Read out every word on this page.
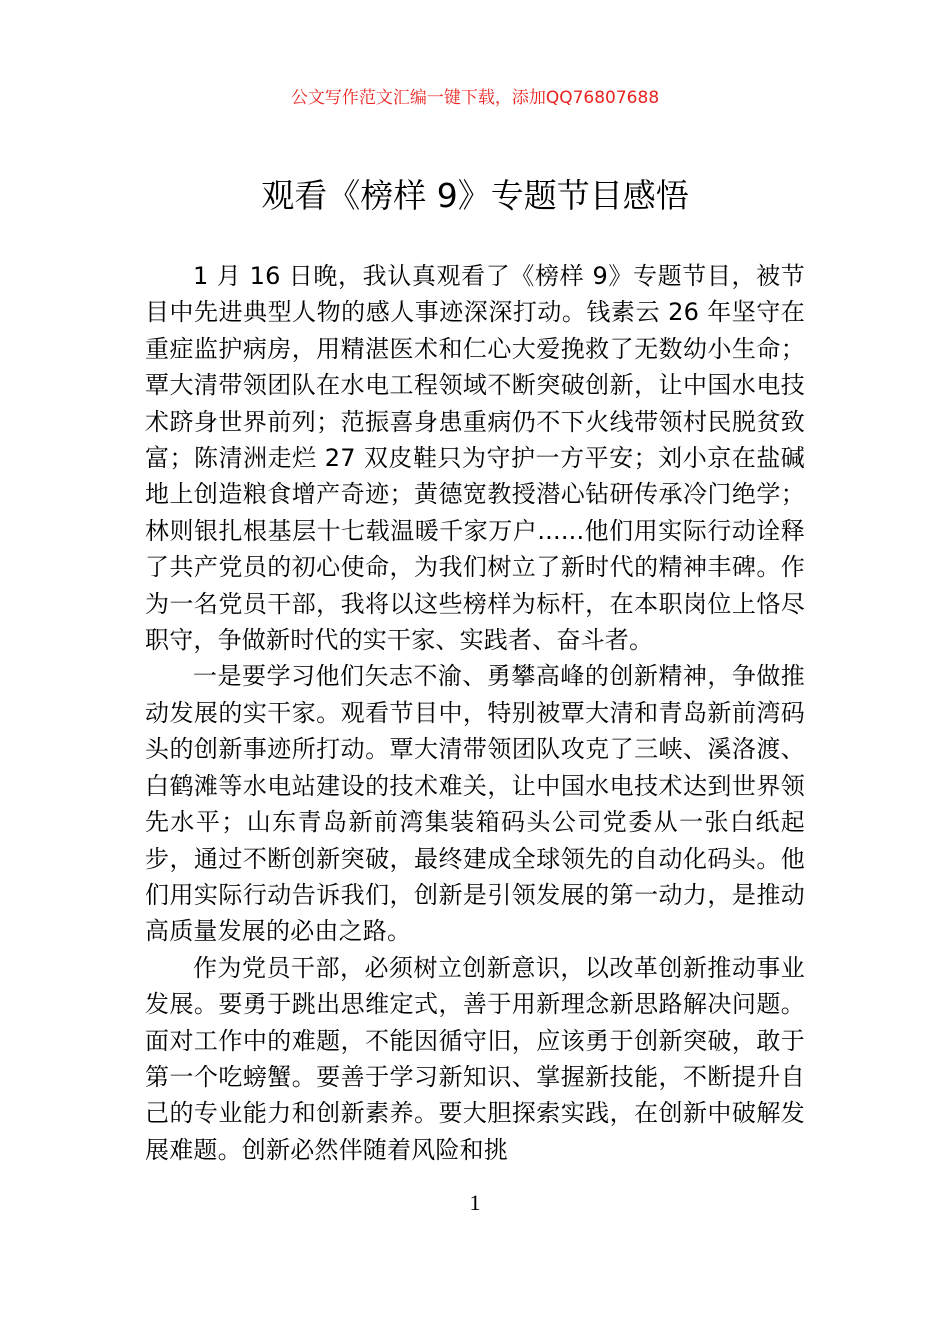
公文写作范文汇编一键下载，添加QQ76807688
观看《榜样 9》专题节目感悟

1 月 16 日晚，我认真观看了《榜样 9》专题节目，被节目中先进典型人物的感人事迹深深打动。钱素云 26 年坚守在重症监护病房，用精湛医术和仁心大爱挽救了无数幼小生命；覃大清带领团队在水电工程领域不断突破创新，让中国水电技术跻身世界前列；范振喜身患重病仍不下火线带领村民脱贫致富；陈清洲走烂 27 双皮鞋只为守护一方平安；刘小京在盐碱地上创造粮食增产奇迹；黄德宽教授潜心钻研传承冷门绝学；林则银扎根基层十七载温暖千家万户......他们用实际行动诠释了共产党员的初心使命，为我们树立了新时代的精神丰碑。作为一名党员干部，我将以这些榜样为标杆，在本职岗位上恪尽职守，争做新时代的实干家、实践者、奋斗者。

一是要学习他们矢志不渝、勇攀高峰的创新精神，争做推动发展的实干家。观看节目中，特别被覃大清和青岛新前湾码头的创新事迹所打动。覃大清带领团队攻克了三峡、溪洛渡、白鹤滩等水电站建设的技术难关，让中国水电技术达到世界领先水平；山东青岛新前湾集装箱码头公司党委从一张白纸起步，通过不断创新突破，最终建成全球领先的自动化码头。他们用实际行动告诉我们，创新是引领发展的第一动力，是推动高质量发展的必由之路。

作为党员干部，必须树立创新意识，以改革创新推动事业发展。要勇于跳出思维定式，善于用新理念新思路解决问题。面对工作中的难题，不能因循守旧，应该勇于创新突破，敢于第一个吃螃蟹。要善于学习新知识、掌握新技能，不断提升自己的专业能力和创新素养。要大胆探索实践，在创新中破解发展难题。创新必然伴随着风险和挑

1
